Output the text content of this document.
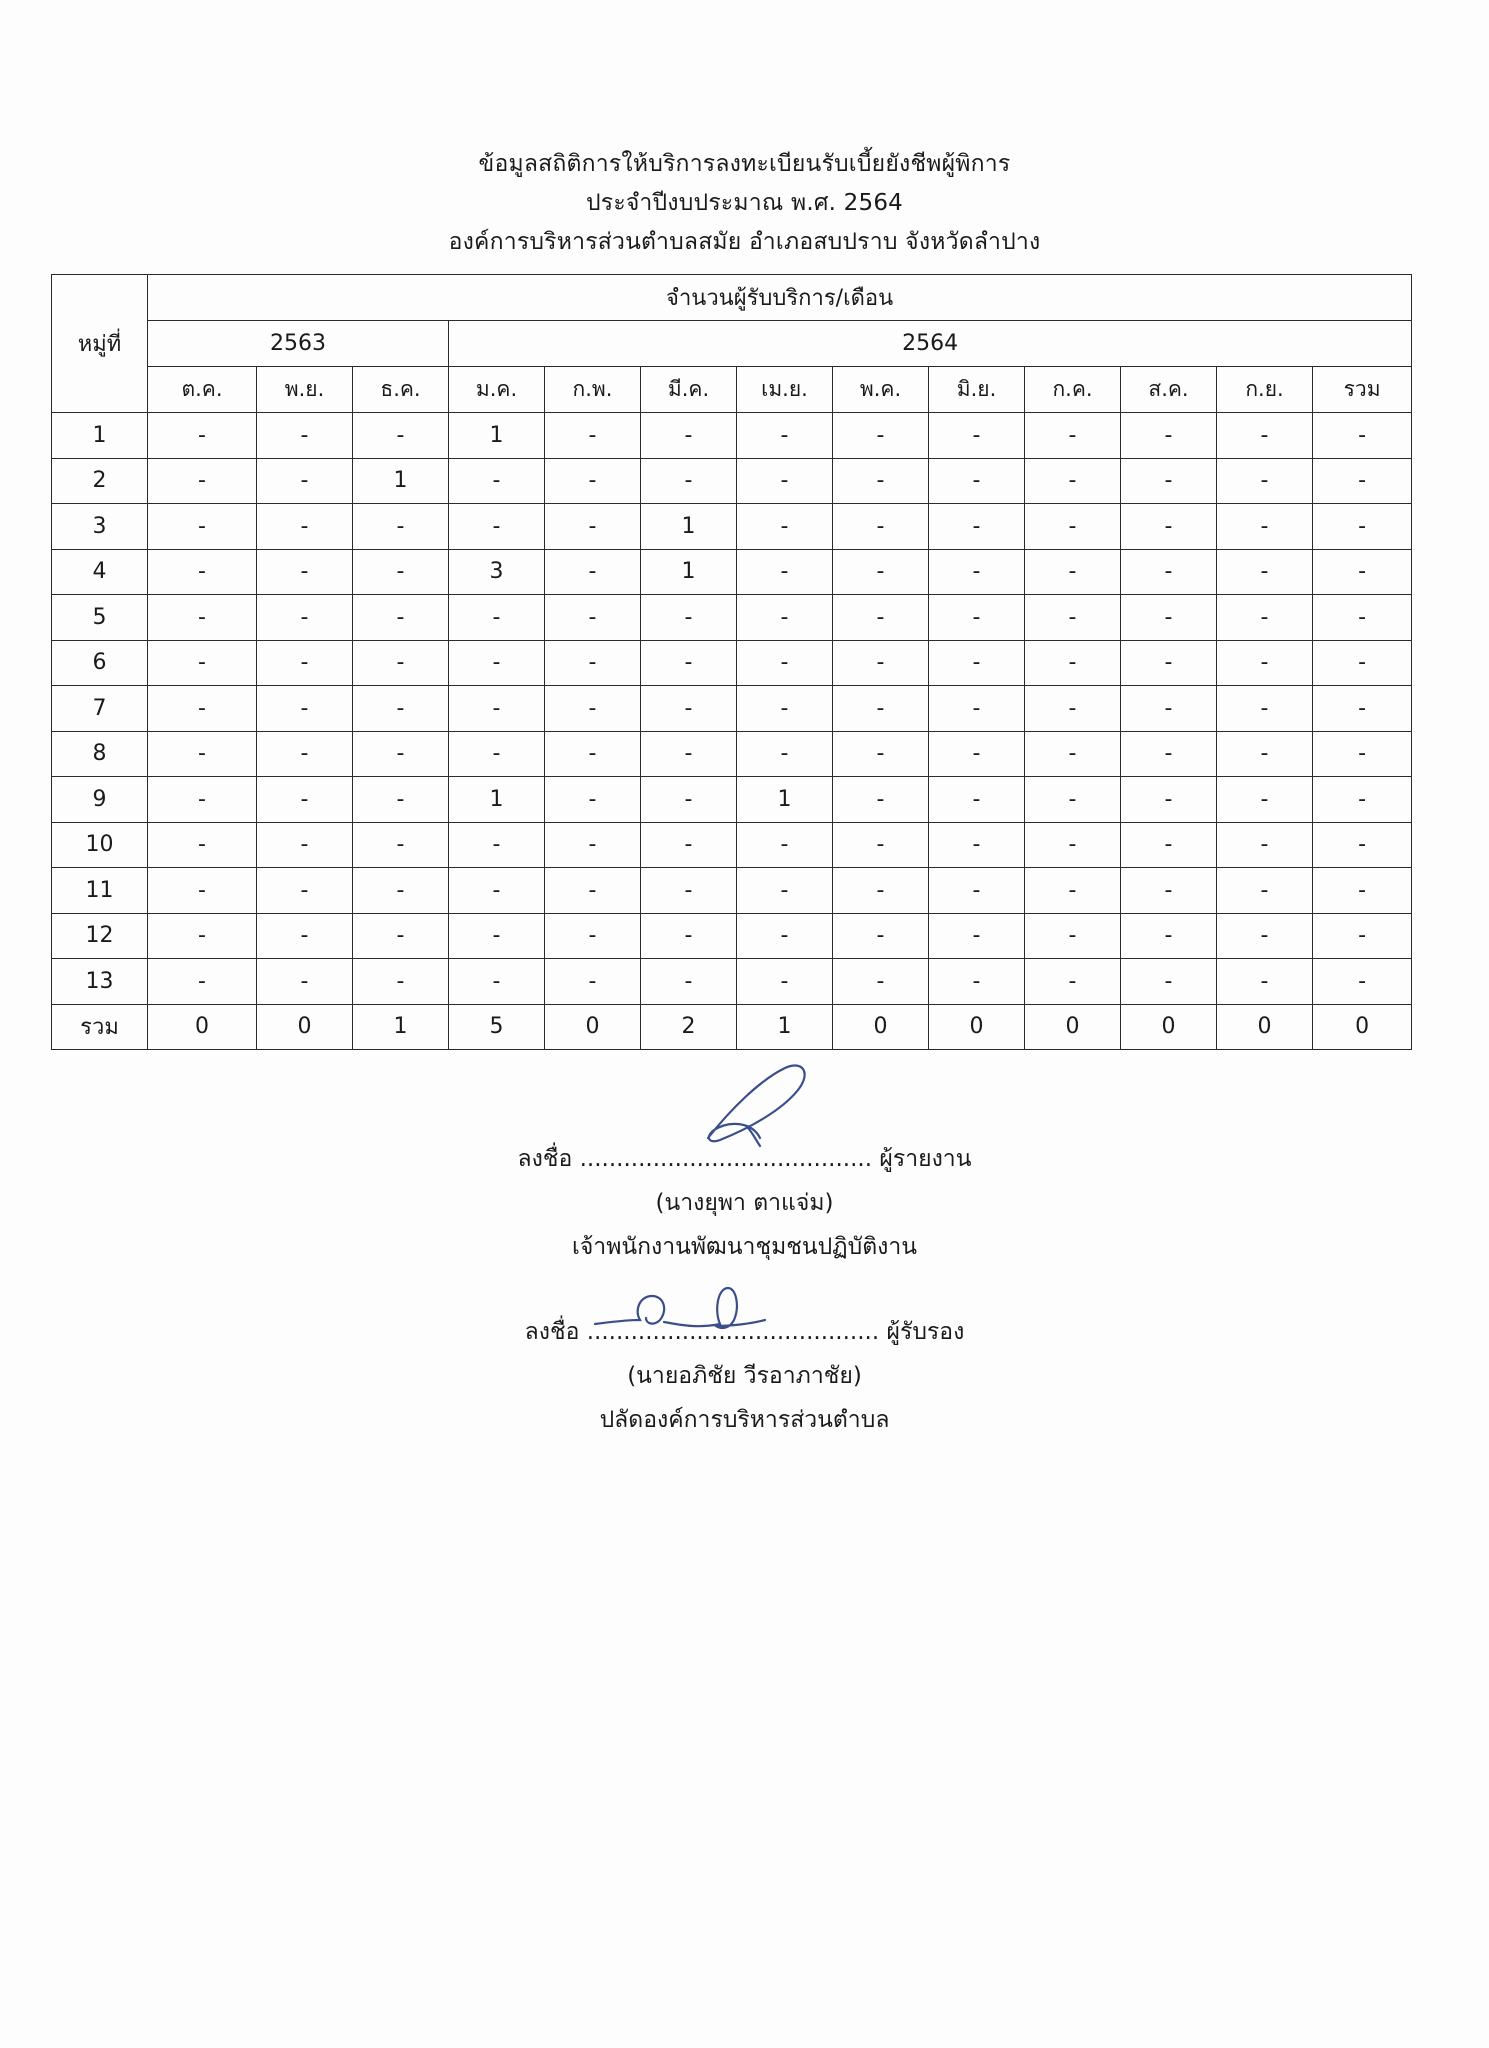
ข้อมูลสถิติการให้บริการลงทะเบียนรับเบี้ยยังชีพผู้พิการ
ประจำปีงบประมาณ พ.ศ. 2564
องค์การบริหารส่วนตำบลสมัย อำเภอสบปราบ จังหวัดลำปาง
หมู่ที่	จำนวนผู้รับบริการ/เดือน												
	2563			2564									
	ต.ค.	พ.ย.	ธ.ค.	ม.ค.	ก.พ.	มี.ค.	เม.ย.	พ.ค.	มิ.ย.	ก.ค.	ส.ค.	ก.ย.	รวม
1	-	-	-	1	-	-	-	-	-	-	-	-	-
2	-	-	1	-	-	-	-	-	-	-	-	-	-
3	-	-	-	-	-	1	-	-	-	-	-	-	-
4	-	-	-	3	-	1	-	-	-	-	-	-	-
5	-	-	-	-	-	-	-	-	-	-	-	-	-
6	-	-	-	-	-	-	-	-	-	-	-	-	-
7	-	-	-	-	-	-	-	-	-	-	-	-	-
8	-	-	-	-	-	-	-	-	-	-	-	-	-
9	-	-	-	1	-	-	1	-	-	-	-	-	-
10	-	-	-	-	-	-	-	-	-	-	-	-	-
11	-	-	-	-	-	-	-	-	-	-	-	-	-
12	-	-	-	-	-	-	-	-	-	-	-	-	-
13	-	-	-	-	-	-	-	-	-	-	-	-	-
รวม	0	0	1	5	0	2	1	0	0	0	0	0	0
ลงชื่อ ........................................ ผู้รายงาน
(นางยุพา ตาแจ่ม)
เจ้าพนักงานพัฒนาชุมชนปฏิบัติงาน
ลงชื่อ ........................................ ผู้รับรอง
(นายอภิชัย วีรอาภาชัย)
ปลัดองค์การบริหารส่วนตำบล
